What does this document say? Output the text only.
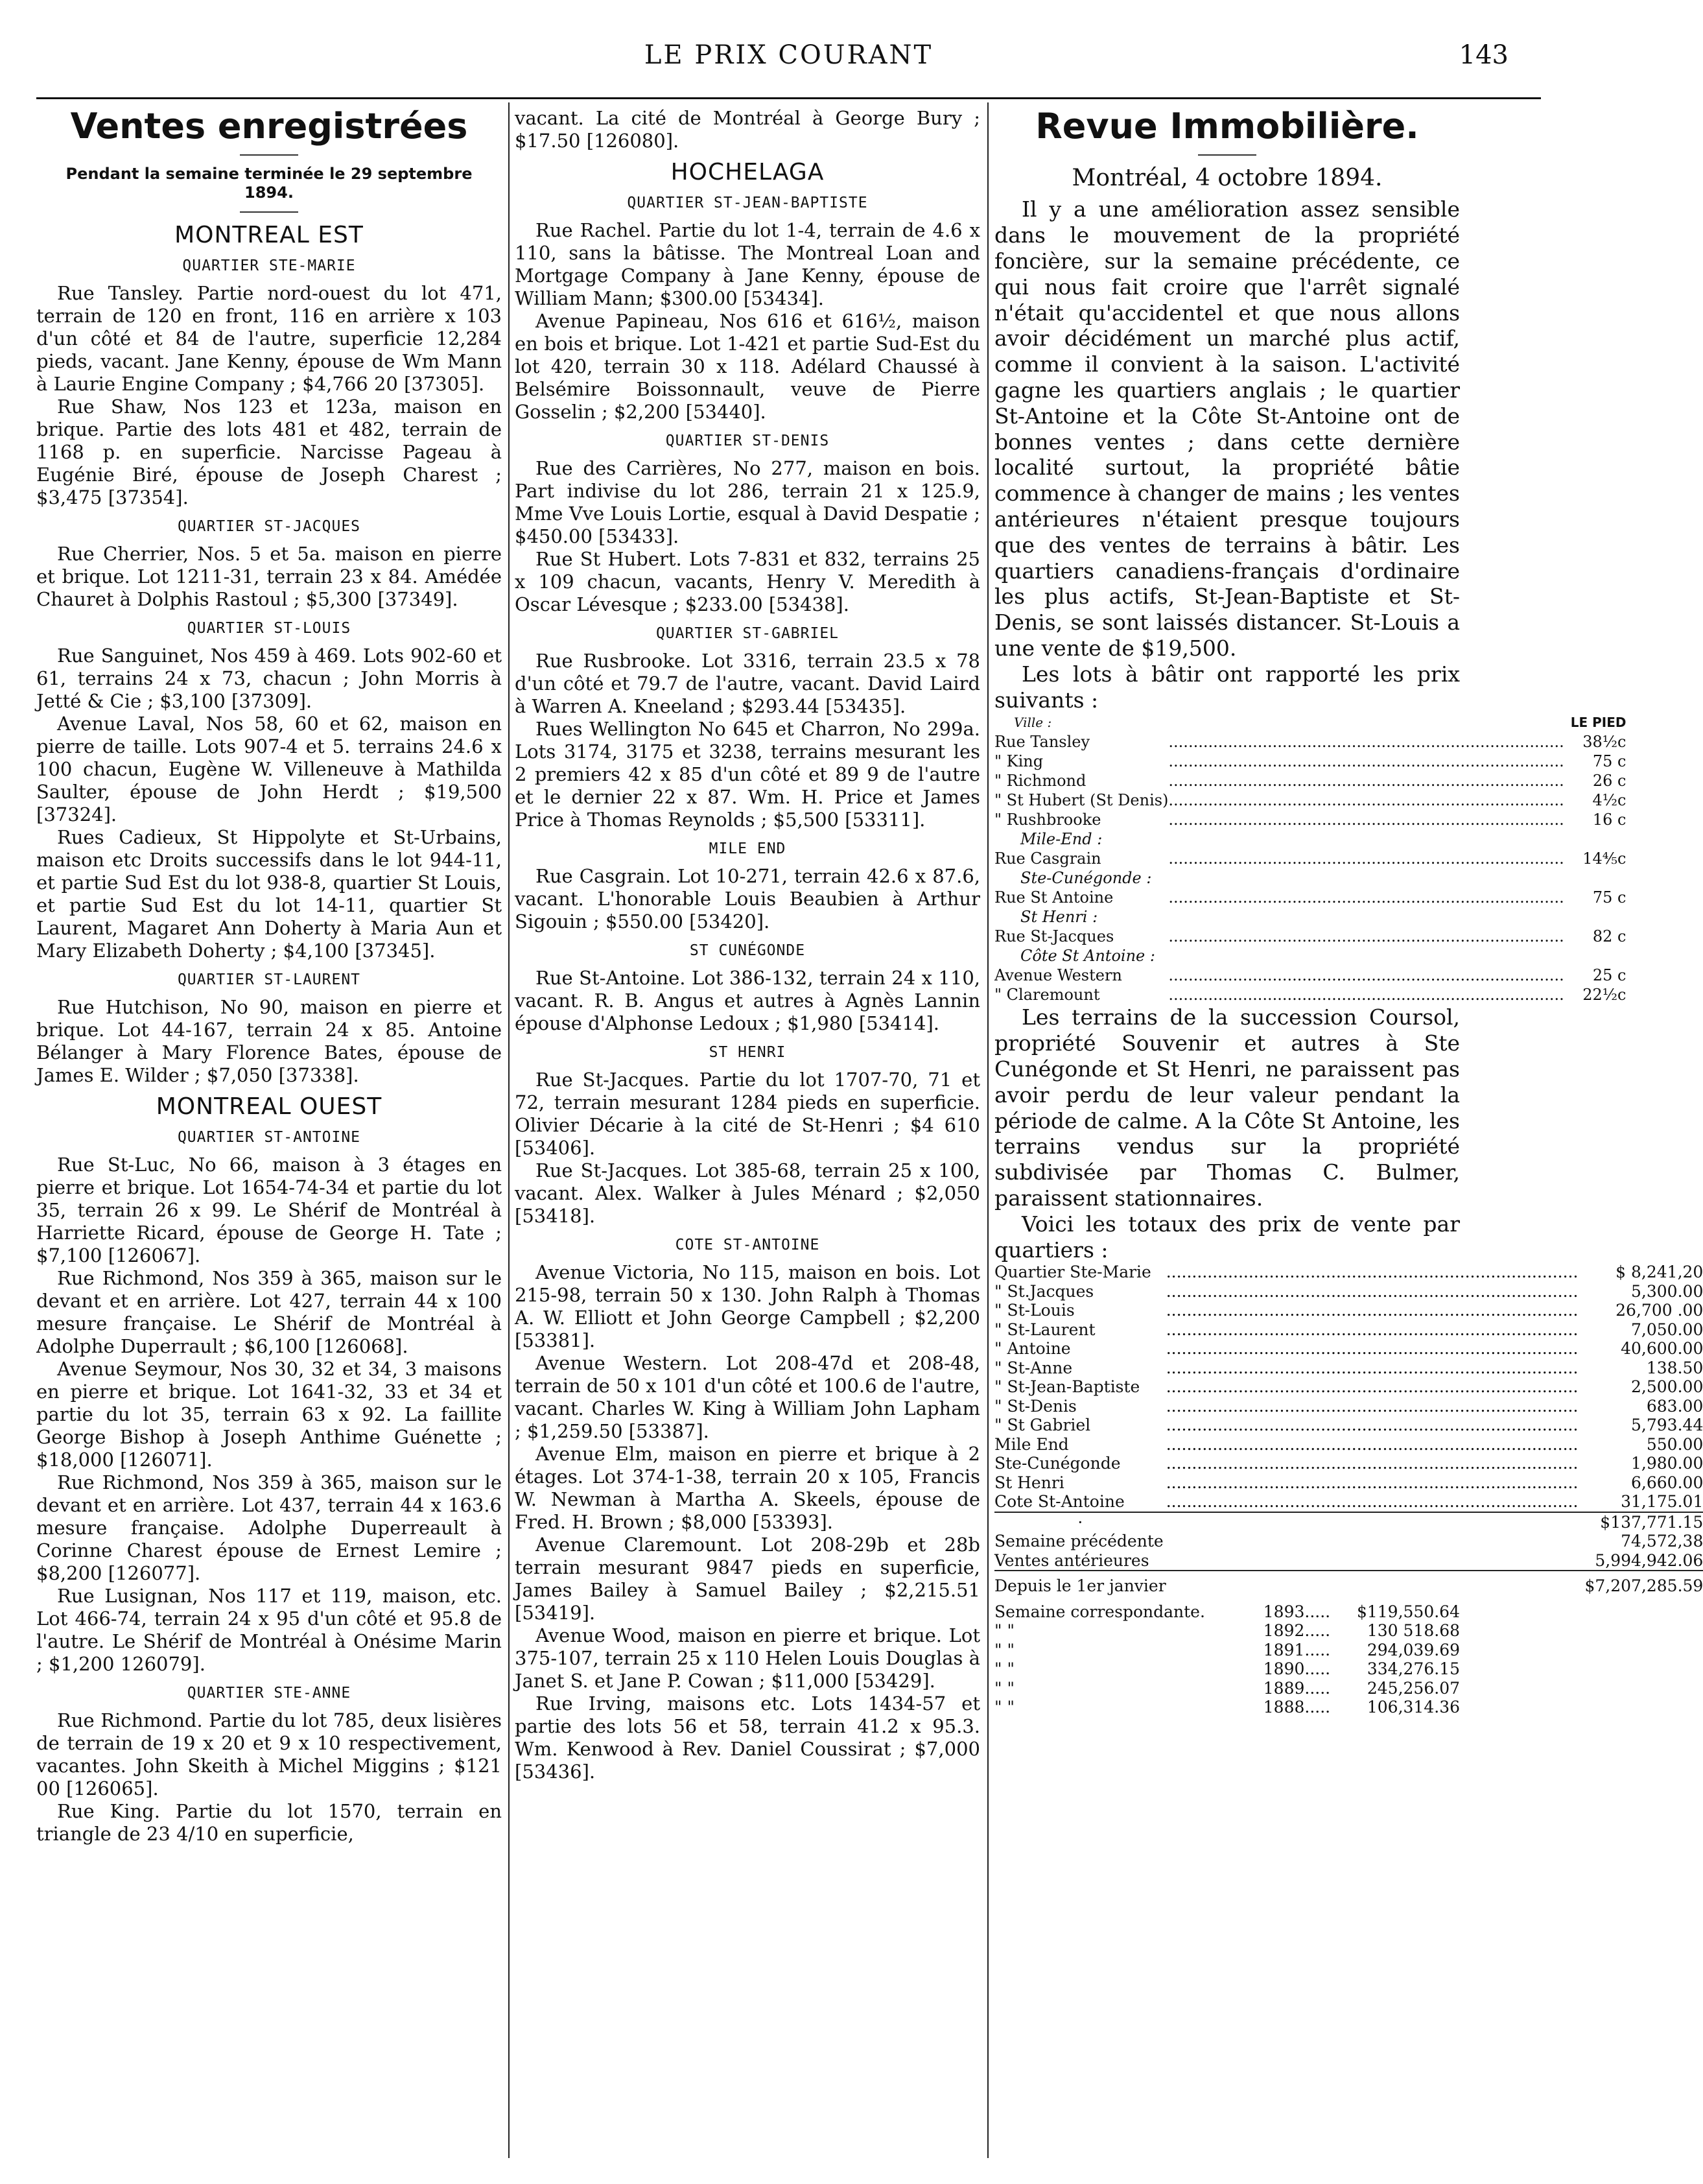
LE PRIX COURANT	143
Ventes enregistrées
Pendant la semaine terminée le 29 septembre 1894.
MONTREAL EST
QUARTIER STE-MARIE

Rue Tansley. Partie nord-ouest du lot 471, terrain de 120 en front, 116 en arrière x 103 d'un côté et 84 de l'autre, superficie 12,284 pieds, vacant. Jane Kenny, épouse de Wm Mann à Laurie Engine Company ; $4,766 20 [37305].

Rue Shaw, Nos 123 et 123a, maison en brique. Partie des lots 481 et 482, terrain de 1168 p. en superficie. Narcisse Pageau à Eugénie Biré, épouse de Joseph Charest ; $3,475 [37354].

QUARTIER ST-JACQUES

Rue Cherrier, Nos. 5 et 5a. maison en pierre et brique. Lot 1211-31, terrain 23 x 84. Amédée Chauret à Dolphis Rastoul ; $5,300 [37349].

QUARTIER ST-LOUIS

Rue Sanguinet, Nos 459 à 469. Lots 902-60 et 61, terrains 24 x 73, chacun ; John Morris à Jetté & Cie ; $3,100 [37309].

Avenue Laval, Nos 58, 60 et 62, maison en pierre de taille. Lots 907-4 et 5. terrains 24.6 x 100 chacun, Eugène W. Villeneuve à Mathilda Saulter, épouse de John Herdt ; $19,500 [37324].

Rues Cadieux, St Hippolyte et St-Urbains, maison etc Droits successifs dans le lot 944-11, et partie Sud Est du lot 938-8, quartier St Louis, et partie Sud Est du lot 14-11, quartier St Laurent, Magaret Ann Doherty à Maria Aun et Mary Elizabeth Doherty ; $4,100 [37345].

QUARTIER ST-LAURENT

Rue Hutchison, No 90, maison en pierre et brique. Lot 44-167, terrain 24 x 85. Antoine Bélanger à Mary Florence Bates, épouse de James E. Wilder ; $7,050 [37338].

MONTREAL OUEST
QUARTIER ST-ANTOINE

Rue St-Luc, No 66, maison à 3 étages en pierre et brique. Lot 1654-74-34 et partie du lot 35, terrain 26 x 99. Le Shérif de Montréal à Harriette Ricard, épouse de George H. Tate ; $7,100 [126067].

Rue Richmond, Nos 359 à 365, maison sur le devant et en arrière. Lot 427, terrain 44 x 100 mesure française. Le Shérif de Montréal à Adolphe Duperrault ; $6,100 [126068].

Avenue Seymour, Nos 30, 32 et 34, 3 maisons en pierre et brique. Lot 1641-32, 33 et 34 et partie du lot 35, terrain 63 x 92. La faillite George Bishop à Joseph Anthime Guénette ; $18,000 [126071].

Rue Richmond, Nos 359 à 365, maison sur le devant et en arrière. Lot 437, terrain 44 x 163.6 mesure française. Adolphe Duperreault à Corinne Charest épouse de Ernest Lemire ; $8,200 [126077].

Rue Lusignan, Nos 117 et 119, maison, etc. Lot 466-74, terrain 24 x 95 d'un côté et 95.8 de l'autre. Le Shérif de Montréal à Onésime Marin ; $1,200 126079].

QUARTIER STE-ANNE

Rue Richmond. Partie du lot 785, deux lisières de terrain de 19 x 20 et 9 x 10 respectivement, vacantes. John Skeith à Michel Miggins ; $121 00 [126065].

Rue King. Partie du lot 1570, terrain en triangle de 23 4/10 en superficie,

vacant. La cité de Montréal à George Bury ; $17.50 [126080].

HOCHELAGA
QUARTIER ST-JEAN-BAPTISTE

Rue Rachel. Partie du lot 1-4, terrain de 4.6 x 110, sans la bâtisse. The Montreal Loan and Mortgage Company à Jane Kenny, épouse de William Mann; $300.00 [53434].

Avenue Papineau, Nos 616 et 616½, maison en bois et brique. Lot 1-421 et partie Sud-Est du lot 420, terrain 30 x 118. Adélard Chaussé à Belsémire Boissonnault, veuve de Pierre Gosselin ; $2,200 [53440].

QUARTIER ST-DENIS

Rue des Carrières, No 277, maison en bois. Part indivise du lot 286, terrain 21 x 125.9, Mme Vve Louis Lortie, esqual à David Despatie ; $450.00 [53433].

Rue St Hubert. Lots 7-831 et 832, terrains 25 x 109 chacun, vacants, Henry V. Meredith à Oscar Lévesque ; $233.00 [53438].

QUARTIER ST-GABRIEL

Rue Rusbrooke. Lot 3316, terrain 23.5 x 78 d'un côté et 79.7 de l'autre, vacant. David Laird à Warren A. Kneeland ; $293.44 [53435].

Rues Wellington No 645 et Charron, No 299a. Lots 3174, 3175 et 3238, terrains mesurant les 2 premiers 42 x 85 d'un côté et 89 9 de l'autre et le dernier 22 x 87. Wm. H. Price et James Price à Thomas Reynolds ; $5,500 [53311].

MILE END

Rue Casgrain. Lot 10-271, terrain 42.6 x 87.6, vacant. L'honorable Louis Beaubien à Arthur Sigouin ; $550.00 [53420].

ST CUNÉGONDE

Rue St-Antoine. Lot 386-132, terrain 24 x 110, vacant. R. B. Angus et autres à Agnès Lannin épouse d'Alphonse Ledoux ; $1,980 [53414].

ST HENRI

Rue St-Jacques. Partie du lot 1707-70, 71 et 72, terrain mesurant 1284 pieds en superficie. Olivier Décarie à la cité de St-Henri ; $4 610 [53406].

Rue St-Jacques. Lot 385-68, terrain 25 x 100, vacant. Alex. Walker à Jules Ménard ; $2,050 [53418].

COTE ST-ANTOINE

Avenue Victoria, No 115, maison en bois. Lot 215-98, terrain 50 x 130. John Ralph à Thomas A. W. Elliott et John George Campbell ; $2,200 [53381].

Avenue Western. Lot 208-47d et 208-48, terrain de 50 x 101 d'un côté et 100.6 de l'autre, vacant. Charles W. King à William John Lapham ; $1,259.50 [53387].

Avenue Elm, maison en pierre et brique à 2 étages. Lot 374-1-38, terrain 20 x 105, Francis W. Newman à Martha A. Skeels, épouse de Fred. H. Brown ; $8,000 [53393].

Avenue Claremount. Lot 208-29b et 28b terrain mesurant 9847 pieds en superficie, James Bailey à Samuel Bailey ; $2,215.51 [53419].

Avenue Wood, maison en pierre et brique. Lot 375-107, terrain 25 x 110 Helen Louis Douglas à Janet S. et Jane P. Cowan ; $11,000 [53429].

Rue Irving, maisons etc. Lots 1434-57 et partie des lots 56 et 58, terrain 41.2 x 95.3. Wm. Kenwood à Rev. Daniel Coussirat ; $7,000 [53436].

Revue Immobilière.
Montréal, 4 octobre 1894.

Il y a une amélioration assez sensible dans le mouvement de la propriété foncière, sur la semaine précédente, ce qui nous fait croire que l'arrêt signalé n'était qu'accidentel et que nous allons avoir décidément un marché plus actif, comme il convient à la saison. L'activité gagne les quartiers anglais ; le quartier St-Antoine et la Côte St-Antoine ont de bonnes ventes ; dans cette dernière localité surtout, la propriété bâtie commence à changer de mains ; les ventes antérieures n'étaient presque toujours que des ventes de terrains à bâtir. Les quartiers canadiens-français d'ordinaire les plus actifs, St-Jean-Baptiste et St-Denis, se sont laissés distancer. St-Louis a une vente de $19,500.

Les lots à bâtir ont rapporté les prix suivants :

Ville :		LE PIED
Rue Tansley	................................................................................	38½c
" King	................................................................................	75 c
" Richmond	................................................................................	26 c
" St Hubert (St Denis)	................................................................................	4½c
" Rushbrooke	................................................................................	16 c
Mile-End :		
Rue Casgrain	................................................................................	14⅘c
Ste-Cunégonde :		
Rue St Antoine	................................................................................	75 c
St Henri :		
Rue St-Jacques	................................................................................	82 c
Côte St Antoine :		
Avenue Western	................................................................................	25 c
" Claremount	................................................................................	22½c

Les terrains de la succession Coursol, propriété Souvenir et autres à Ste Cunégonde et St Henri, ne paraissent pas avoir perdu de leur valeur pendant la période de calme. A la Côte St Antoine, les terrains vendus sur la propriété subdivisée par Thomas C. Bulmer, paraissent stationnaires.

Voici les totaux des prix de vente par quartiers :

Quartier Ste-Marie	................................................................................	$ 8,241,20
" St.Jacques	................................................................................	5,300.00
" St-Louis	................................................................................	26,700 .00
" St-Laurent	................................................................................	7,050.00
" Antoine	................................................................................	40,600.00
" St-Anne	................................................................................	138.50
" St-Jean-Baptiste	................................................................................	2,500.00
" St-Denis	................................................................................	683.00
" St Gabriel	................................................................................	5,793.44
Mile End	................................................................................	550.00
Ste-Cunégonde	................................................................................	1,980.00
St Henri	................................................................................	6,660.00
Cote St-Antoine	................................................................................	31,175.01
·		$137,771.15
Semaine précédente		74,572,38
Ventes antérieures		5,994,942.06
Depuis le 1er janvier		$7,207,285.59
Semaine correspondante.	1893.....	$119,550.64
" "	1892.....	130 518.68
" "	1891.....	294,039.69
" "	1890.....	334,276.15
" "	1889.....	245,256.07
" "	1888.....	106,314.36
